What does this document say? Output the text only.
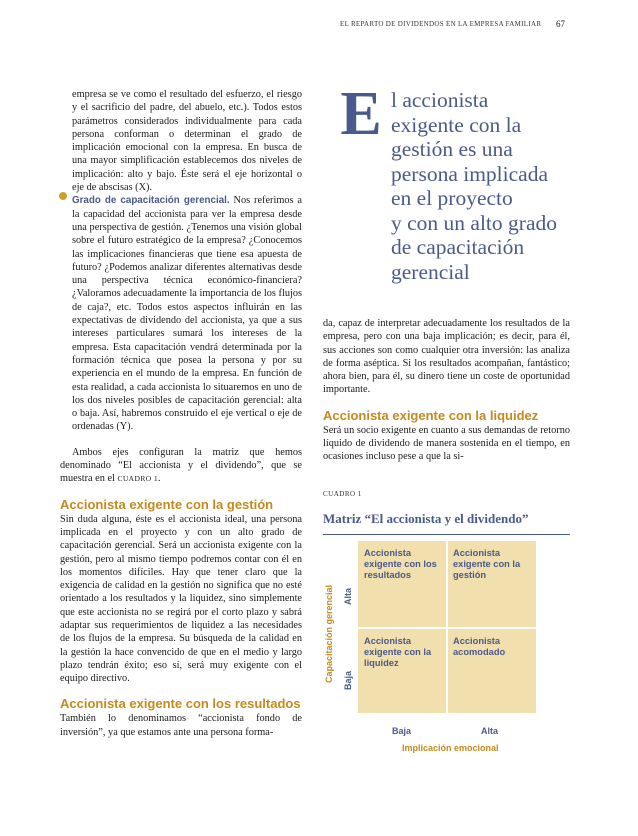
EL REPARTO DE DIVIDENDOS EN LA EMPRESA FAMILIAR	67

empresa se ve como el resultado del esfuerzo, el riesgo y el sacrificio del padre, del abuelo, etc.). Todos estos parámetros considerados individualmente para cada persona conforman o determinan el grado de implicación emocional con la empresa. En busca de una mayor simplificación establecemos dos niveles de implicación: alto y bajo. Éste será el eje horizontal o eje de abscisas (X).

Grado de capacitación gerencial. Nos referimos a la capacidad del accionista para ver la empresa desde una perspectiva de gestión. ¿Tenemos una visión global sobre el futuro estratégico de la empresa? ¿Conocemos las implicaciones financieras que tiene esa apuesta de futuro? ¿Podemos analizar diferentes alternativas desde una perspectiva técnica económico-financiera? ¿Valoramos adecuadamente la importancia de los flujos de caja?, etc. Todos estos aspectos influirán en las expectativas de dividendo del accionista, ya que a sus intereses particulares sumará los intereses de la empresa. Esta capacitación vendrá determinada por la formación técnica que posea la persona y por su experiencia en el mundo de la empresa. En función de esta realidad, a cada accionista lo situaremos en uno de los dos niveles posibles de capacitación gerencial: alta o baja. Así, habremos construido el eje vertical o eje de ordenadas (Y).

Ambos ejes configuran la matriz que hemos denominado “El accionista y el dividendo”, que se muestra en el CUADRO 1.

Accionista exigente con la gestión

Sin duda alguna, éste es el accionista ideal, una persona implicada en el proyecto y con un alto grado de capacitación gerencial. Será un accionista exigente con la gestión, pero al mismo tiempo podremos contar con él en los momentos difíciles. Hay que tener claro que la exigencia de calidad en la gestión no significa que no esté orientado a los resultados y la liquidez, sino simplemente que este accionista no se regirá por el corto plazo y sabrá adaptar sus requerimientos de liquidez a las necesidades de los flujos de la empresa. Su búsqueda de la calidad en la gestión la hace convencido de que en el medio y largo plazo tendrán éxito; eso sí, será muy exigente con el equipo directivo.

Accionista exigente con los resultados

También lo denominamos “accionista fondo de inversión”, ya que estamos ante una persona forma-

E l accionista
exigente con la
gestión es una
persona implicada
en el proyecto
y con un alto grado
de capacitación
gerencial

da, capaz de interpretar adecuadamente los resultados de la empresa, pero con una baja implicación; es decir, para él, sus acciones son como cualquier otra inversión: las analiza de forma aséptica. Si los resultados acompañan, fantástico; ahora bien, para él, su dinero tiene un coste de oportunidad importante.

Accionista exigente con la liquidez

Será un socio exigente en cuanto a sus demandas de retorno líquido de dividendo de manera sostenida en el tiempo, en ocasiones incluso pese a que la si-

CUADRO 1
Matriz “El accionista y el dividendo”
Capacitación gerencial Alta
Baja
Accionista exigente con los resultados
Accionista exigente con la gestión
Accionista exigente con la liquidez
Accionista acomodado
Baja	Alta
Implicación emocional
